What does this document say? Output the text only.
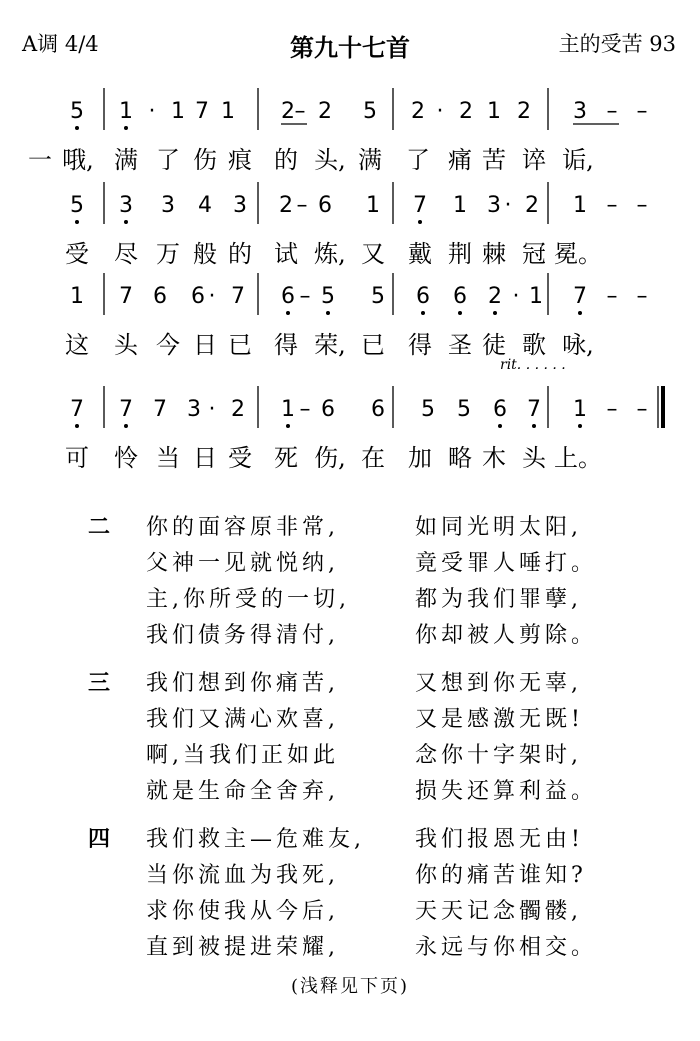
A调 4/4	第九十七首	主的受苦 93
5 1 · 1 7 1 2 – 2 5 2 · 2 1 2 3 – –
一 哦, 满 了 伤 痕 的 头, 满 了 痛 苦 谇 诟,
5 3 3 4 3 2 – 6 1 7 1 3 · 2 1 – –
受 尽 万 般 的 试 炼, 又 戴 荆 棘 冠 冕。
1 7 6 6 · 7 6 – 5 5 6 6 2 · 1 7 – –
这 头 今 日 已 得 荣, 已 得 圣 徒 歌 咏,
rit. . . . . .
7 7 7 3 · 2 1 – 6 6 5 5 6 7 1 – –
可 怜 当 日 受 死 伤, 在 加 略 木 头 上。
二 你的面容原非常,	如同光明太阳,
父神一见就悦纳,	竟受罪人唾打。
主,你所受的一切,	都为我们罪孽,
我们债务得清付,	你却被人剪除。
三 我们想到你痛苦,	又想到你无辜,
我们又满心欢喜,	又是感激无既!
啊,当我们正如此	念你十字架时,
就是生命全舍弃,	损失还算利益。
四 我们救主—危难友, 我们报恩无由!
当你流血为我死,	你的痛苦谁知?
求你使我从今后,	天天记念髑髅,
直到被提进荣耀,	永远与你相交。
(浅释见下页)
